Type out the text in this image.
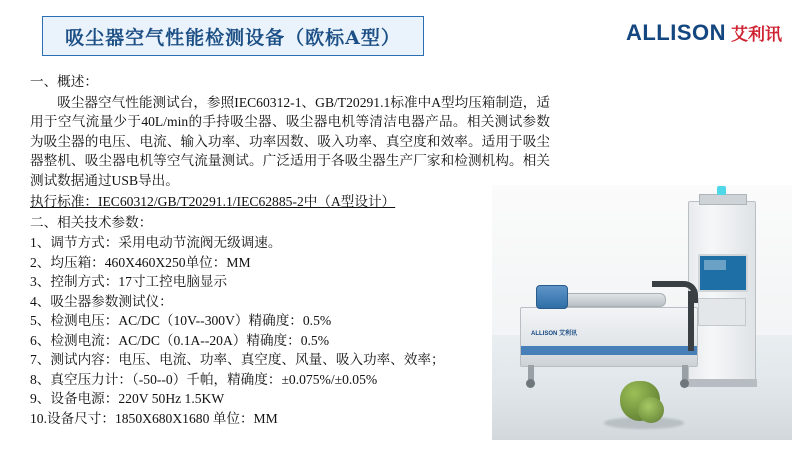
吸尘器空气性能检测设备（欧标A型）	ALLISON 艾利讯

一、概述：

吸尘器空气性能测试台，参照IEC60312-1、GB/T20291.1标准中A型均压箱制造，适用于空气流量少于40L/min的手持吸尘器、吸尘器电机等清洁电器产品。相关测试参数为吸尘器的电压、电流、输入功率、功率因数、吸入功率、真空度和效率。适用于吸尘器整机、吸尘器电机等空气流量测试。广泛适用于各吸尘器生产厂家和检测机构。相关测试数据通过USB导出。

执行标准：IEC60312/GB/T20291.1/IEC62885-2中（A型设计）

二、相关技术参数：

1、调节方式：采用电动节流阀无级调速。
2、均压箱：460X460X250单位：MM
3、控制方式：17寸工控电脑显示
4、吸尘器参数测试仪：
5、检测电压：AC/DC（10V--300V）精确度：0.5%
6、检测电流：AC/DC（0.1A--20A）精确度：0.5%
7、测试内容：电压、电流、功率、真空度、风量、吸入功率、效率；
8、真空压力计：（-50--0）千帕，精确度：±0.075%/±0.05%
9、设备电源：220V 50Hz 1.5KW
10.设备尺寸：1850X680X1680 单位：MM
ALLISON 艾利讯
